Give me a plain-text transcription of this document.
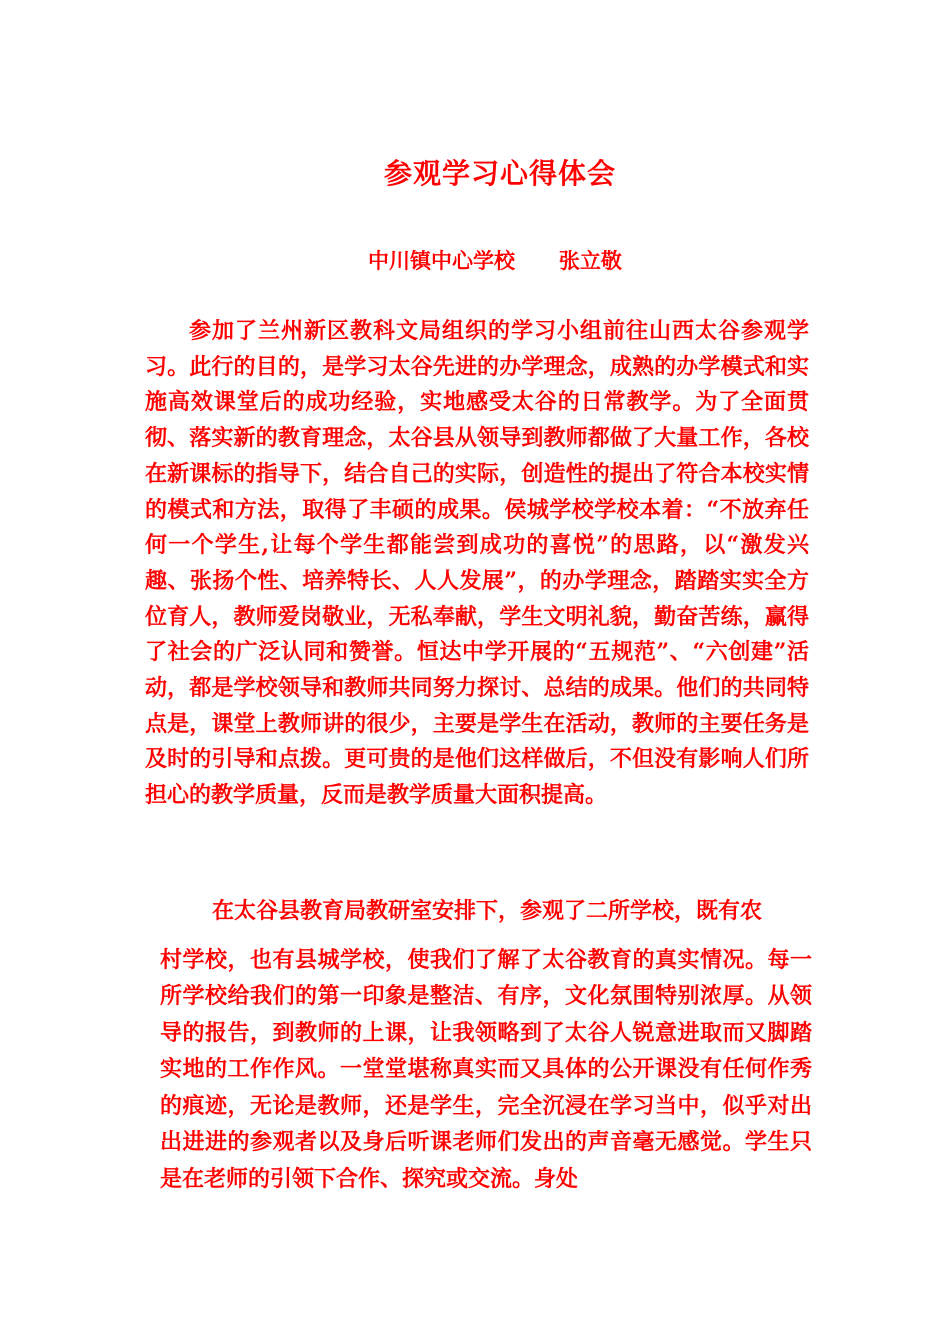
参观学习心得体会
中川镇中心学校      张立敬

参加了兰州新区教科文局组织的学习小组前往山西太谷参观学习。此行的目的，是学习太谷先进的办学理念，成熟的办学模式和实施高效课堂后的成功经验，实地感受太谷的日常教学。为了全面贯彻、落实新的教育理念，太谷县从领导到教师都做了大量工作，各校在新课标的指导下，结合自己的实际，创造性的提出了符合本校实情的模式和方法，取得了丰硕的成果。侯城学校学校本着：“不放弃任何一个学生,让每个学生都能尝到成功的喜悦”的思路，以“激发兴趣、张扬个性、培养特长、人人发展”，的办学理念，踏踏实实全方位育人，教师爱岗敬业，无私奉献，学生文明礼貌，勤奋苦练，赢得了社会的广泛认同和赞誉。恒达中学开展的“五规范”、“六创建”活动，都是学校领导和教师共同努力探讨、总结的成果。他们的共同特点是，课堂上教师讲的很少，主要是学生在活动，教师的主要任务是及时的引导和点拨。更可贵的是他们这样做后，不但没有影响人们所担心的教学质量，反而是教学质量大面积提高。

在太谷县教育局教研室安排下，参观了二所学校，既有农
村学校，也有县城学校，使我们了解了太谷教育的真实情况。每一所学校给我们的第一印象是整洁、有序，文化氛围特别浓厚。从领导的报告，到教师的上课，让我领略到了太谷人锐意进取而又脚踏实地的工作作风。一堂堂堪称真实而又具体的公开课没有任何作秀的痕迹，无论是教师，还是学生，完全沉浸在学习当中，似乎对出出进进的参观者以及身后听课老师们发出的声音毫无感觉。学生只是在老师的引领下合作、探究或交流。身处
